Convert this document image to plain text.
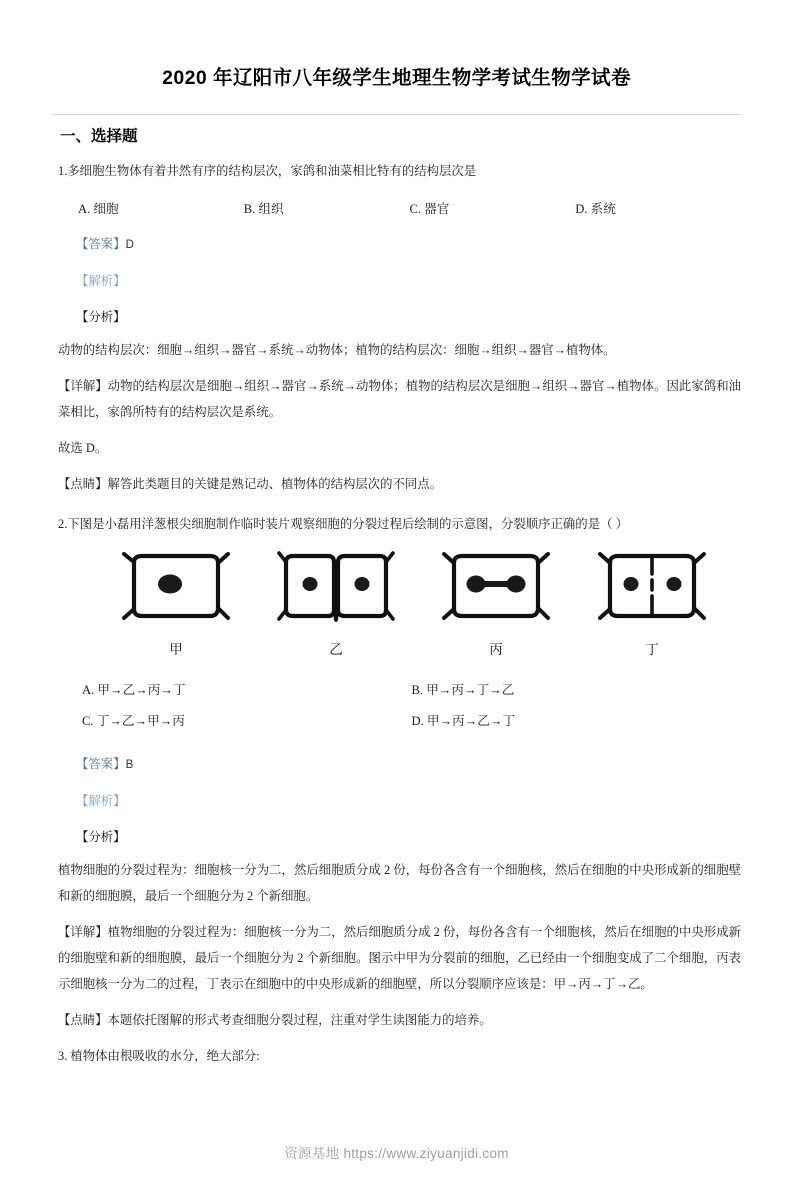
2020 年辽阳市八年级学生地理生物学考试生物学试卷
一、选择题
1.多细胞生物体有着井然有序的结构层次，家鸽和油菜相比特有的结构层次是
A. 细胞	B. 组织	C. 器官	D. 系统
【答案】D
【解析】
【分析】
动物的结构层次：细胞→组织→器官→系统→动物体；植物的结构层次：细胞→组织→器官→植物体。
【详解】动物的结构层次是细胞→组织→器官→系统→动物体；植物的结构层次是细胞→组织→器官→植物体。因此家鸽和油菜相比，家鸽所特有的结构层次是系统。
故选 D。
【点睛】解答此类题目的关键是熟记动、植物体的结构层次的不同点。
2.下图是小磊用洋葱根尖细胞制作临时装片观察细胞的分裂过程后绘制的示意图，分裂顺序正确的是（ ）
甲	乙	丙	丁
A. 甲→乙→丙→丁	B. 甲→丙→丁→乙
C. 丁→乙→甲→丙	D. 甲→丙→乙→丁
【答案】B
【解析】
【分析】
植物细胞的分裂过程为：细胞核一分为二，然后细胞质分成 2 份，每份各含有一个细胞核，然后在细胞的中央形成新的细胞壁和新的细胞膜，最后一个细胞分为 2 个新细胞。
【详解】植物细胞的分裂过程为：细胞核一分为二，然后细胞质分成 2 份，每份各含有一个细胞核，然后在细胞的中央形成新的细胞壁和新的细胞膜，最后一个细胞分为 2 个新细胞。图示中甲为分裂前的细胞，乙已经由一个细胞变成了二个细胞，丙表示细胞核一分为二的过程，丁表示在细胞中的中央形成新的细胞壁，所以分裂顺序应该是：甲→丙→丁→乙。
【点睛】本题依托图解的形式考查细胞分裂过程，注重对学生读图能力的培养。
3. 植物体由根吸收的水分，绝大部分:
资源基地 https://www.ziyuanjidi.com
